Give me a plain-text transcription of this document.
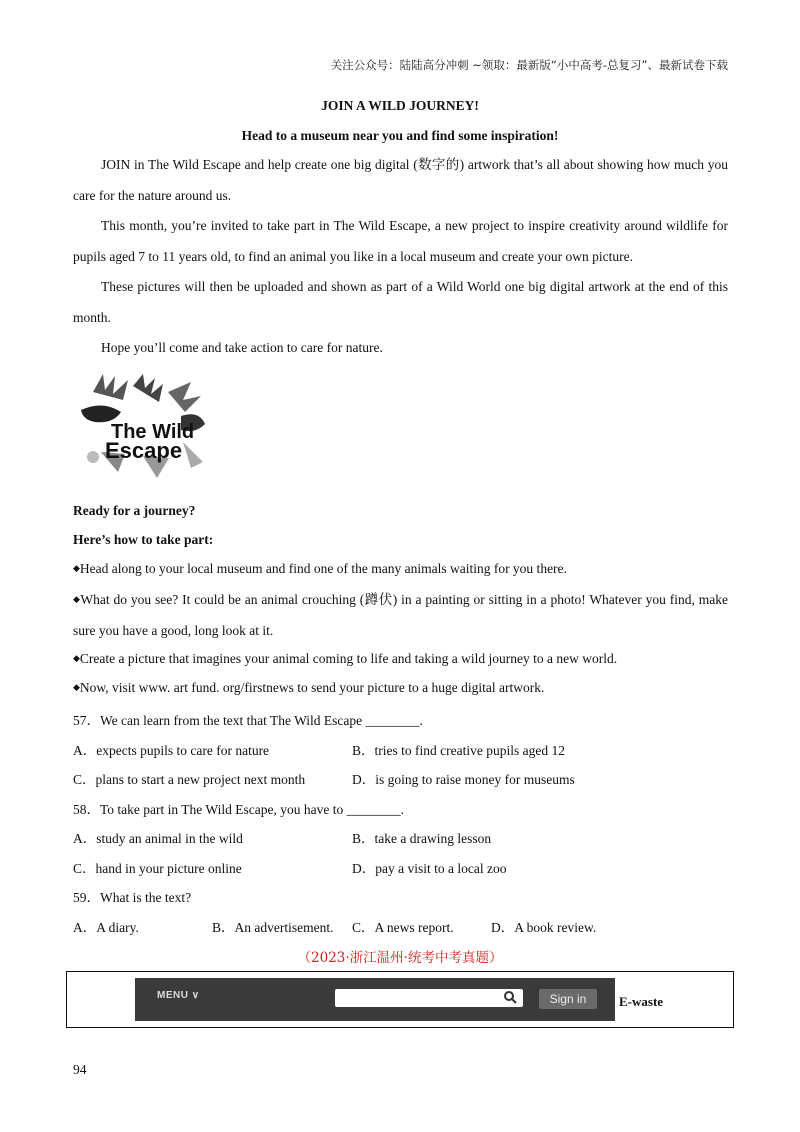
关注公众号：陆陆高分冲刺 ~领取：最新版“小中高考-总复习”、最新试卷下载
JOIN A WILD JOURNEY!
Head to a museum near you and find some inspiration!
JOIN in The Wild Escape and help create one big digital (数字的) artwork that’s all about showing how much you care for the nature around us.
This month, you’re invited to take part in The Wild Escape, a new project to inspire creativity around wildlife for pupils aged 7 to 11 years old, to find an animal you like in a local museum and create your own picture.
These pictures will then be uploaded and shown as part of a Wild World one big digital artwork at the end of this month.
Hope you’ll come and take action to care for nature.
The Wild
Escape
Ready for a journey?
Here’s how to take part:
◆Head along to your local museum and find one of the many animals waiting for you there.
◆What do you see? It could be an animal crouching (蹲伏) in a painting or sitting in a photo! Whatever you find, make sure you have a good, long look at it.
◆Create a picture that imagines your animal coming to life and taking a wild journey to a new world.
◆Now, visit www. art fund. org/firstnews to send your picture to a huge digital artwork.
57．We can learn from the text that The Wild Escape ________.
A．expects pupils to care for nature	B．tries to find creative pupils aged 12
C．plans to start a new project next month	D．is going to raise money for museums
58．To take part in The Wild Escape, you have to ________.
A．study an animal in the wild	B．take a drawing lesson
C．hand in your picture online	D．pay a visit to a local zoo
59．What is the text?
A．A diary.	B．An advertisement. C．A news report.	D．A book review.
（2023·浙江温州·统考中考真题）
MENU ∨	Sign in	E-waste
94
